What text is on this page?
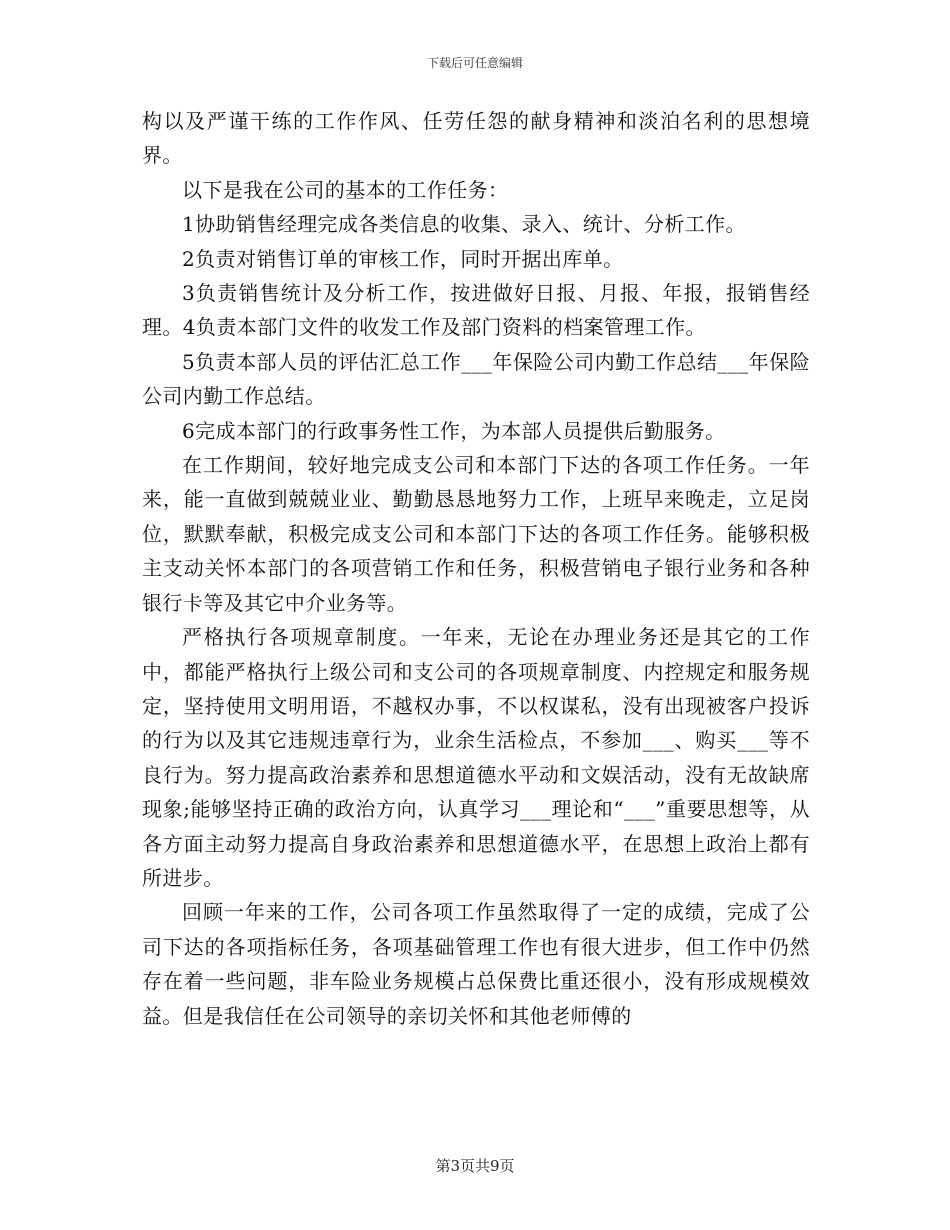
下载后可任意编辑

构以及严谨干练的工作作风、任劳任怨的献身精神和淡泊名利的思想境界。

以下是我在公司的基本的工作任务：

1协助销售经理完成各类信息的收集、录入、统计、分析工作。

2负责对销售订单的审核工作，同时开据出库单。

3负责销售统计及分析工作，按进做好日报、月报、年报，报销售经理。4负责本部门文件的收发工作及部门资料的档案管理工作。

5负责本部人员的评估汇总工作___年保险公司内勤工作总结___年保险公司内勤工作总结。

6完成本部门的行政事务性工作，为本部人员提供后勤服务。

在工作期间，较好地完成支公司和本部门下达的各项工作任务。一年来，能一直做到兢兢业业、勤勤恳恳地努力工作，上班早来晚走，立足岗位，默默奉献，积极完成支公司和本部门下达的各项工作任务。能够积极主支动关怀本部门的各项营销工作和任务，积极营销电子银行业务和各种银行卡等及其它中介业务等。

严格执行各项规章制度。一年来，无论在办理业务还是其它的工作中，都能严格执行上级公司和支公司的各项规章制度、内控规定和服务规定，坚持使用文明用语，不越权办事，不以权谋私，没有出现被客户投诉的行为以及其它违规违章行为，业余生活检点，不参加___、购买___等不良行为。努力提高政治素养和思想道德水平动和文娱活动，没有无故缺席现象;能够坚持正确的政治方向，认真学习___理论和“___”重要思想等，从各方面主动努力提高自身政治素养和思想道德水平，在思想上政治上都有所进步。

回顾一年来的工作，公司各项工作虽然取得了一定的成绩，完成了公司下达的各项指标任务，各项基础管理工作也有很大进步，但工作中仍然存在着一些问题，非车险业务规模占总保费比重还很小，没有形成规模效益。但是我信任在公司领导的亲切关怀和其他老师傅的

第3页共9页
